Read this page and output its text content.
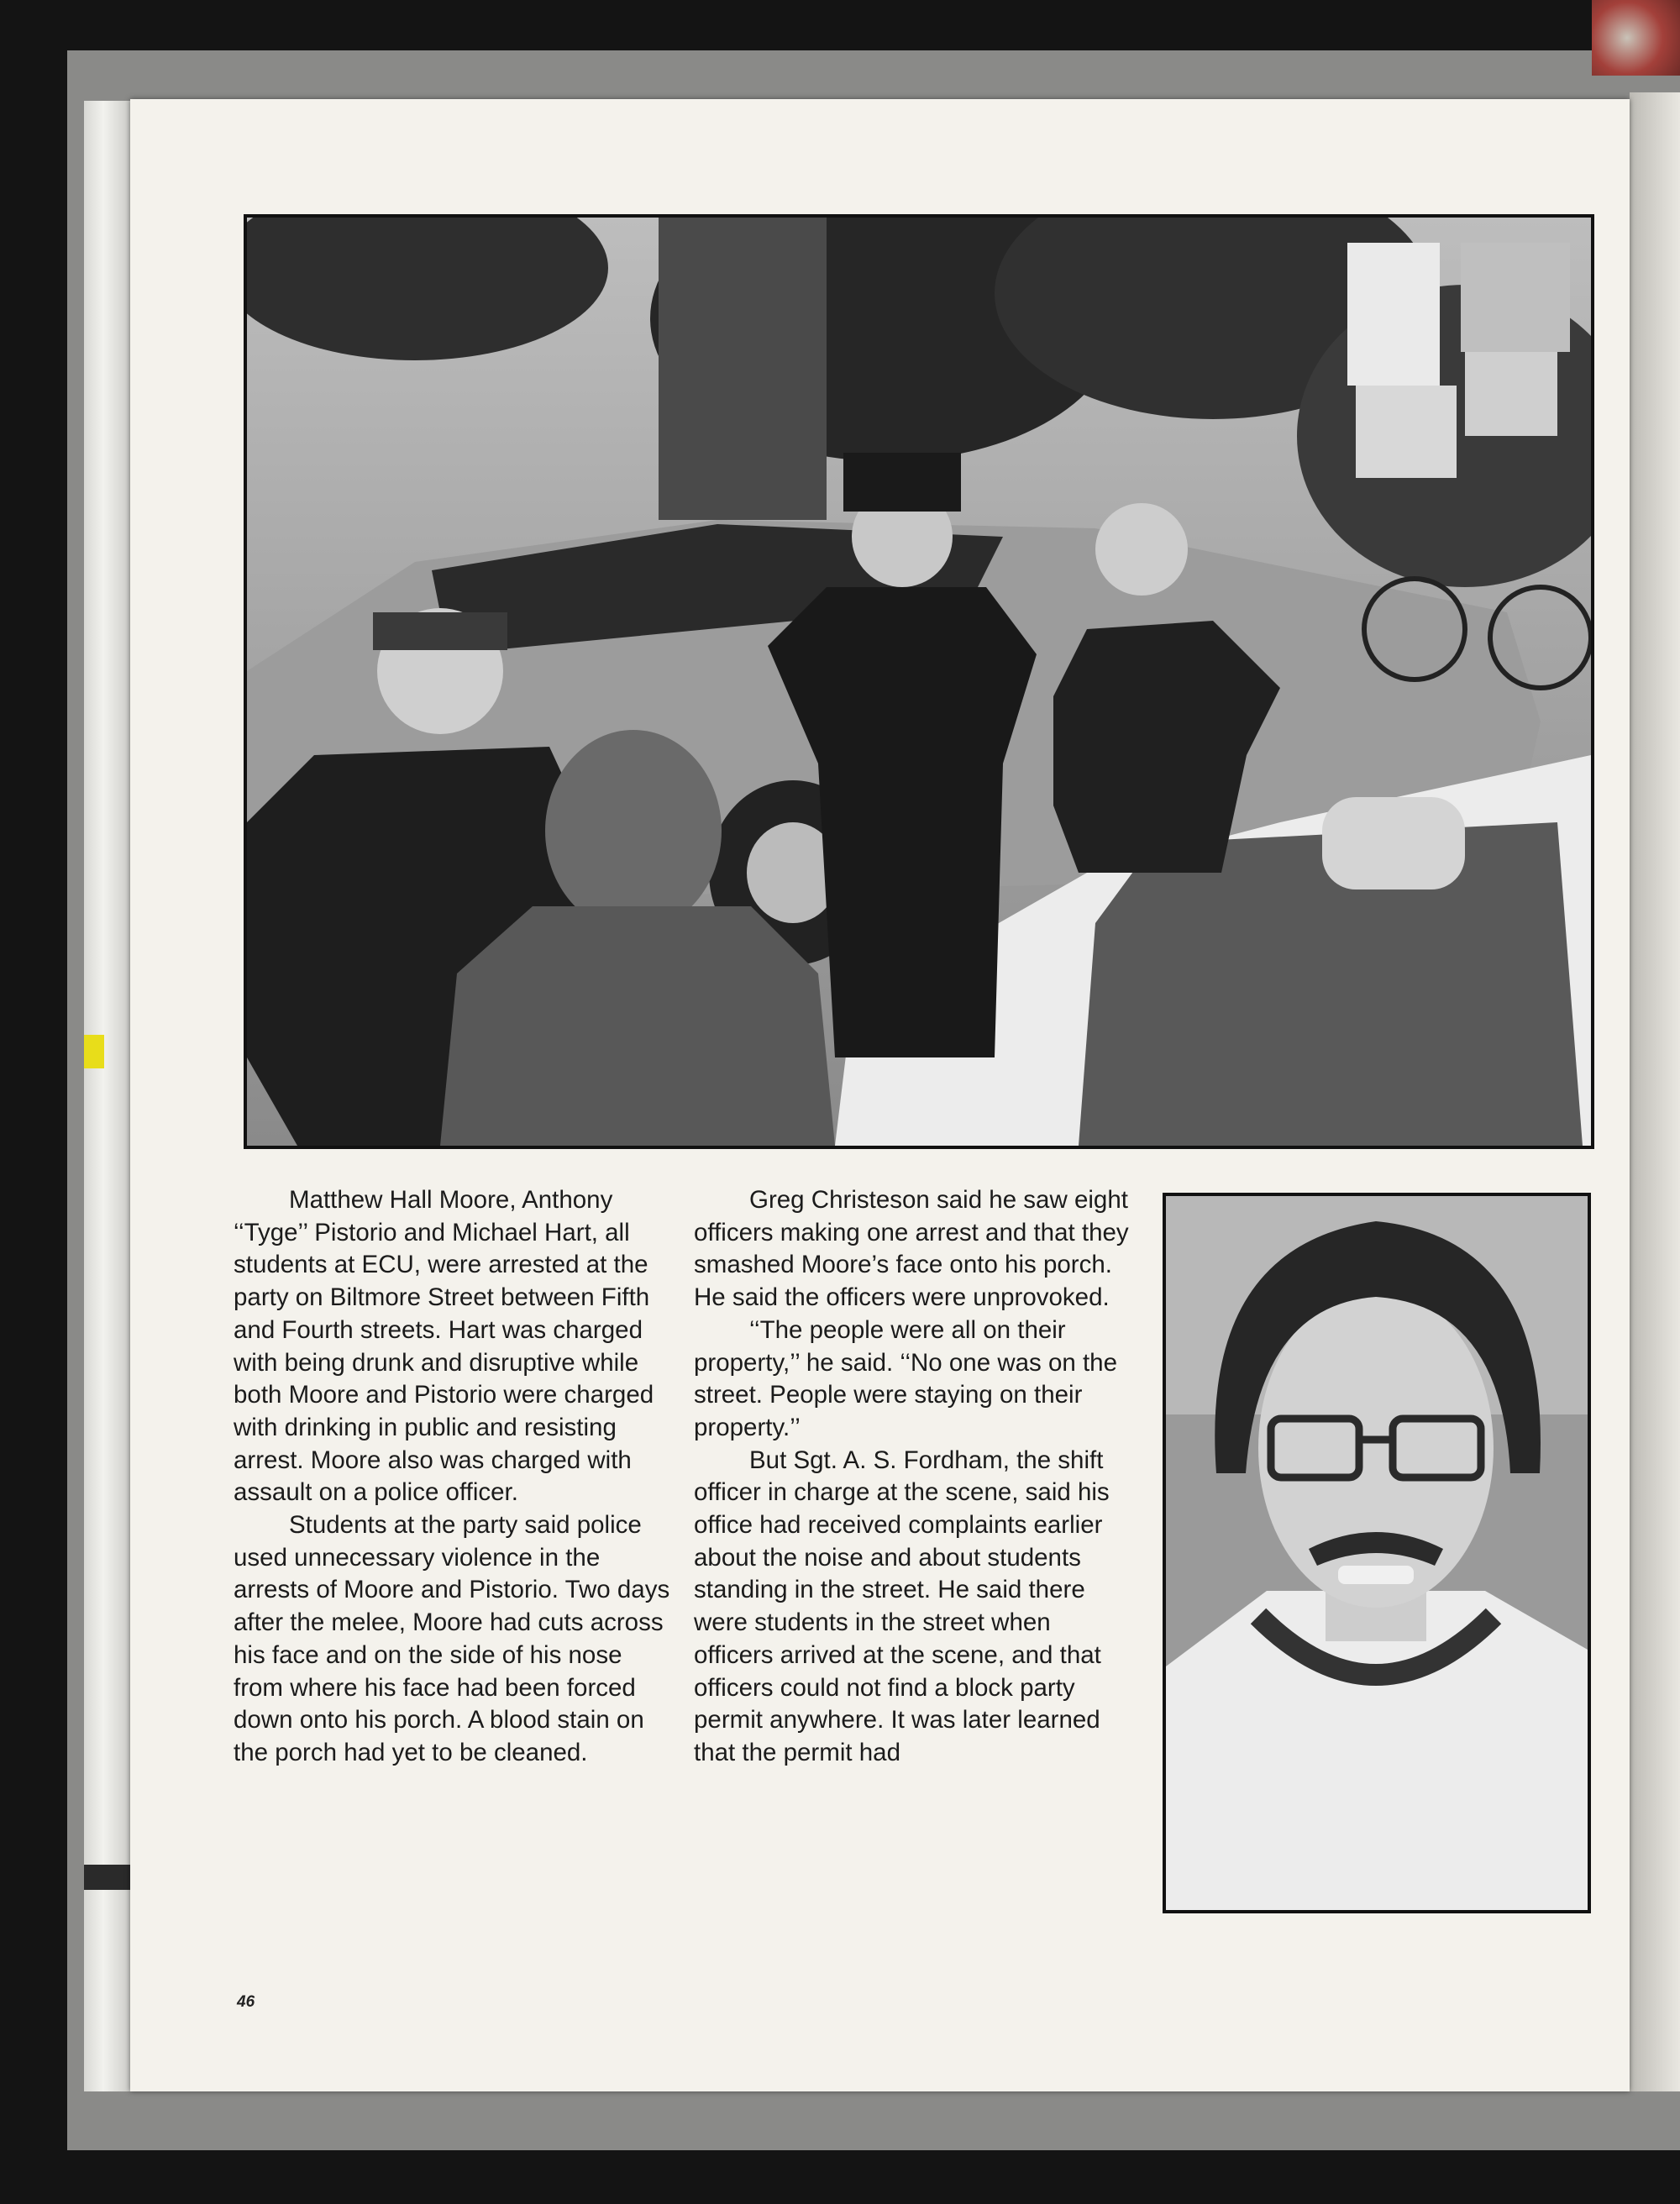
Matthew Hall Moore, Anthony ‘‘Tyge’’ Pistorio and Michael Hart, all students at ECU, were arrested at the party on Biltmore Street between Fifth and Fourth streets. Hart was charged with being drunk and disruptive while both Moore and Pistorio were charged with drinking in public and resisting arrest. Moore also was charged with assault on a police officer.

Students at the party said police used unnecessary violence in the arrests of Moore and Pistorio. Two days after the melee, Moore had cuts across his face and on the side of his nose from where his face had been forced down onto his porch. A blood stain on the porch had yet to be cleaned.

Greg Christeson said he saw eight officers making one arrest and that they smashed Moore’s face onto his porch. He said the officers were unprovoked.

‘‘The people were all on their property,’’ he said. ‘‘No one was on the street. People were staying on their property.’’

But Sgt. A. S. Fordham, the shift officer in charge at the scene, said his office had received complaints earlier about the noise and about students standing in the street. He said there were students in the street when officers arrived at the scene, and that officers could not find a block party permit anywhere. It was later learned that the permit had

46
